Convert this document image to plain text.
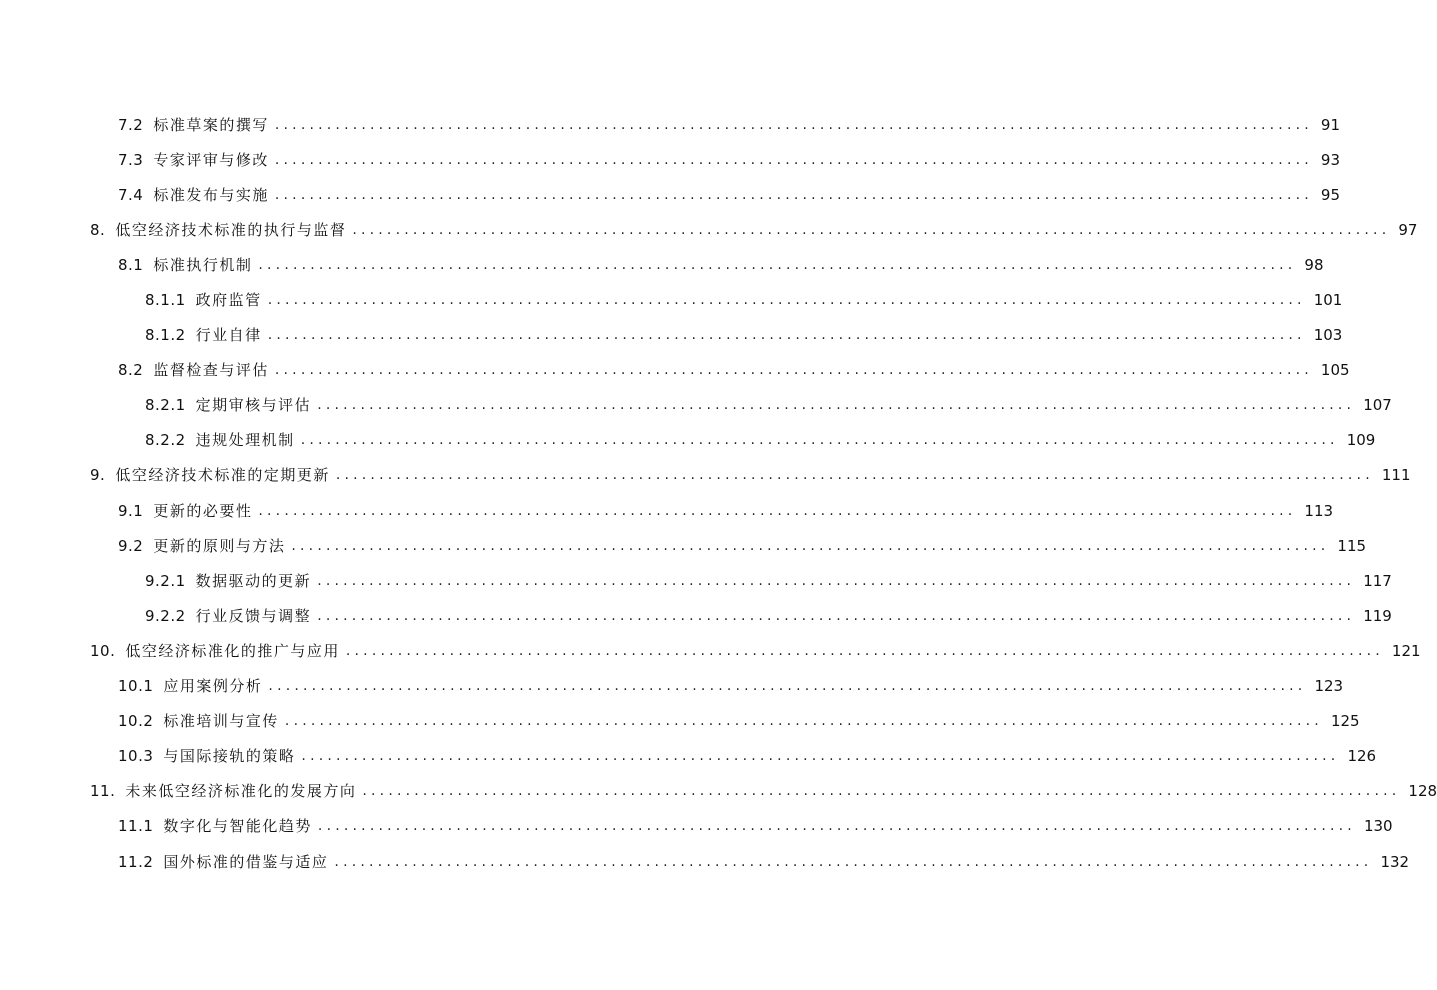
7.2 标准草案的撰写 ........................................................................................................................ 91
7.3 专家评审与修改 ........................................................................................................................ 93
7.4 标准发布与实施 ........................................................................................................................ 95
8. 低空经济技术标准的执行与监督 ........................................................................................................................ 97
8.1 标准执行机制 ........................................................................................................................ 98
8.1.1 政府监管 ........................................................................................................................ 101
8.1.2 行业自律 ........................................................................................................................ 103
8.2 监督检查与评估 ........................................................................................................................ 105
8.2.1 定期审核与评估 ........................................................................................................................ 107
8.2.2 违规处理机制 ........................................................................................................................ 109
9. 低空经济技术标准的定期更新 ........................................................................................................................ 111
9.1 更新的必要性 ........................................................................................................................ 113
9.2 更新的原则与方法 ........................................................................................................................ 115
9.2.1 数据驱动的更新 ........................................................................................................................ 117
9.2.2 行业反馈与调整 ........................................................................................................................ 119
10. 低空经济标准化的推广与应用 ........................................................................................................................ 121
10.1 应用案例分析 ........................................................................................................................ 123
10.2 标准培训与宣传 ........................................................................................................................ 125
10.3 与国际接轨的策略 ........................................................................................................................ 126
11. 未来低空经济标准化的发展方向 ........................................................................................................................ 128
11.1 数字化与智能化趋势 ........................................................................................................................ 130
11.2 国外标准的借鉴与适应 ........................................................................................................................ 132
